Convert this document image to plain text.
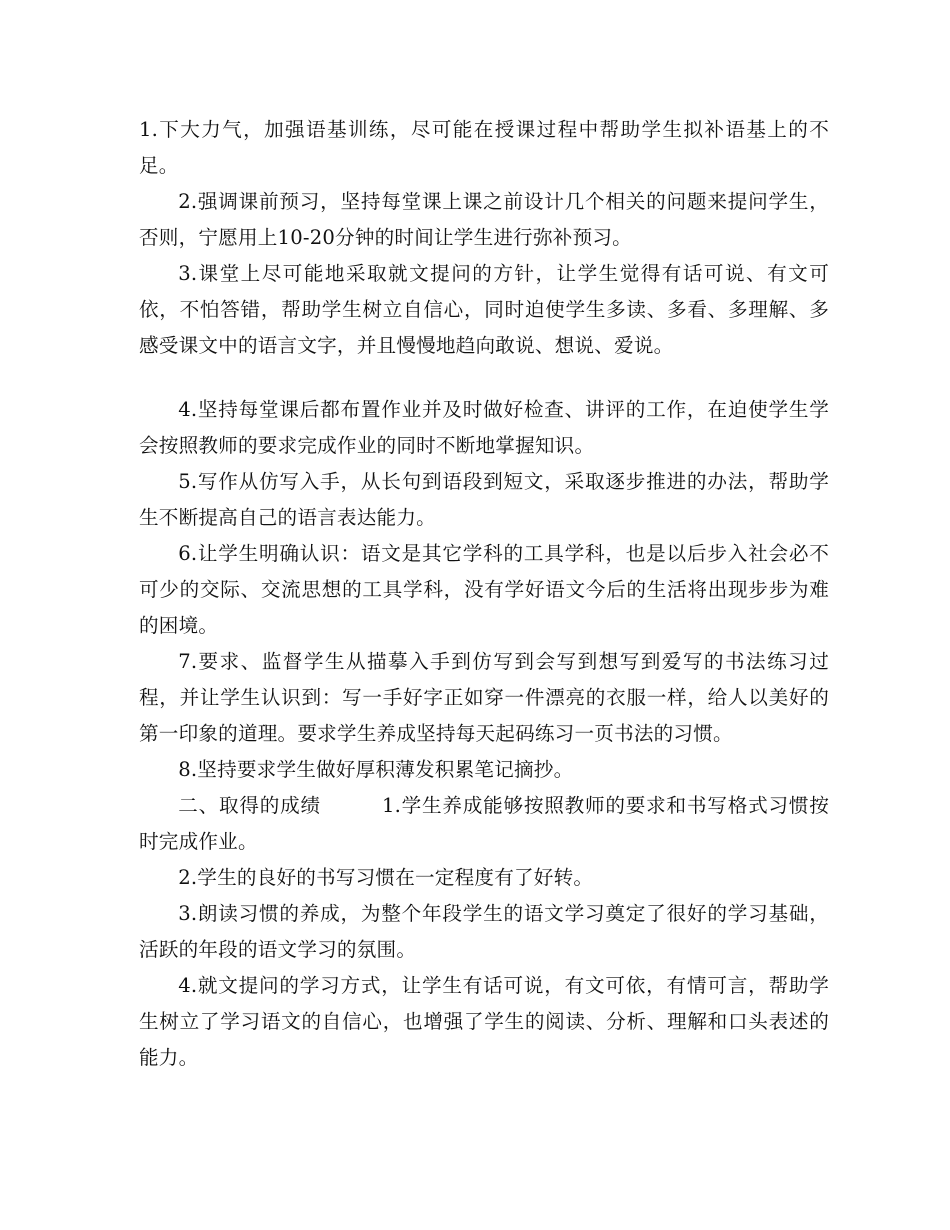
1.下大力气，加强语基训练，尽可能在授课过程中帮助学生拟补语基上的不足。

2.强调课前预习，坚持每堂课上课之前设计几个相关的问题来提问学生，否则，宁愿用上10-20分钟的时间让学生进行弥补预习。

3.课堂上尽可能地采取就文提问的方针，让学生觉得有话可说、有文可依，不怕答错，帮助学生树立自信心，同时迫使学生多读、多看、多理解、多感受课文中的语言文字，并且慢慢地趋向敢说、想说、爱说。

4.坚持每堂课后都布置作业并及时做好检查、讲评的工作，在迫使学生学会按照教师的要求完成作业的同时不断地掌握知识。

5.写作从仿写入手，从长句到语段到短文，采取逐步推进的办法，帮助学生不断提高自己的语言表达能力。

6.让学生明确认识：语文是其它学科的工具学科，也是以后步入社会必不可少的交际、交流思想的工具学科，没有学好语文今后的生活将出现步步为难的困境。

7.要求、监督学生从描摹入手到仿写到会写到想写到爱写的书法练习过程，并让学生认识到：写一手好字正如穿一件漂亮的衣服一样，给人以美好的第一印象的道理。要求学生养成坚持每天起码练习一页书法的习惯。

8.坚持要求学生做好厚积薄发积累笔记摘抄。

二、取得的成绩　　　1.学生养成能够按照教师的要求和书写格式习惯按时完成作业。

2.学生的良好的书写习惯在一定程度有了好转。

3.朗读习惯的养成，为整个年段学生的语文学习奠定了很好的学习基础，活跃的年段的语文学习的氛围。

4.就文提问的学习方式，让学生有话可说，有文可依，有情可言，帮助学生树立了学习语文的自信心，也增强了学生的阅读、分析、理解和口头表述的能力。
